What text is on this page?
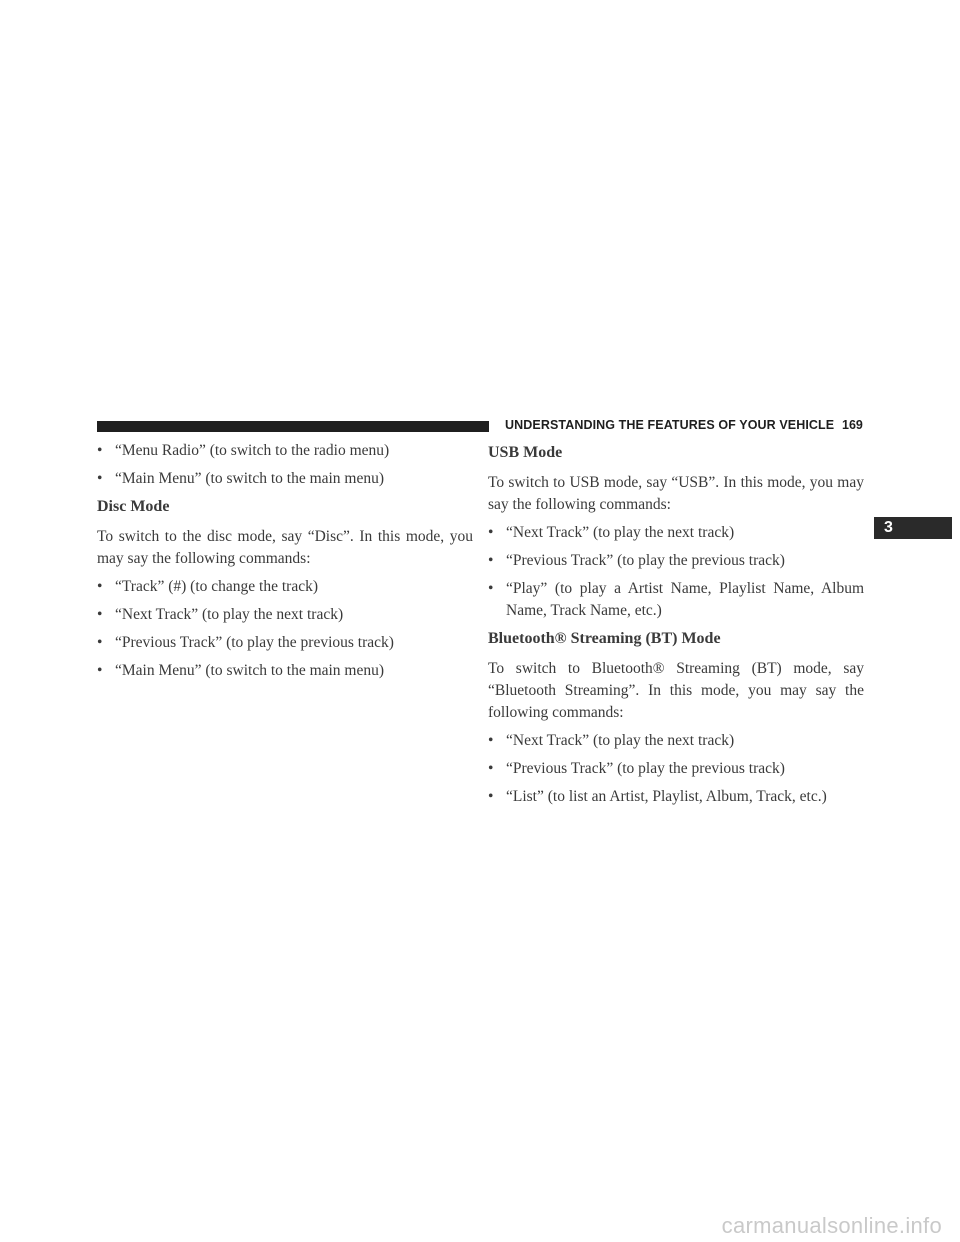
UNDERSTANDING THE FEATURES OF YOUR VEHICLE 169
3
• “Menu Radio” (to switch to the radio menu)
• “Main Menu” (to switch to the main menu)
Disc Mode

To switch to the disc mode, say “Disc”. In this mode, you may say the following commands:

• “Track” (#) (to change the track)
• “Next Track” (to play the next track)
• “Previous Track” (to play the previous track)
• “Main Menu” (to switch to the main menu)
USB Mode

To switch to USB mode, say “USB”. In this mode, you may say the following commands:

• “Next Track” (to play the next track)
• “Previous Track” (to play the previous track)
• “Play” (to play a Artist Name, Playlist Name, Album Name, Track Name, etc.)
Bluetooth® Streaming (BT) Mode

To switch to Bluetooth® Streaming (BT) mode, say “Bluetooth Streaming”. In this mode, you may say the following commands:

• “Next Track” (to play the next track)
• “Previous Track” (to play the previous track)
• “List” (to list an Artist, Playlist, Album, Track, etc.)
carmanualsonline.info
